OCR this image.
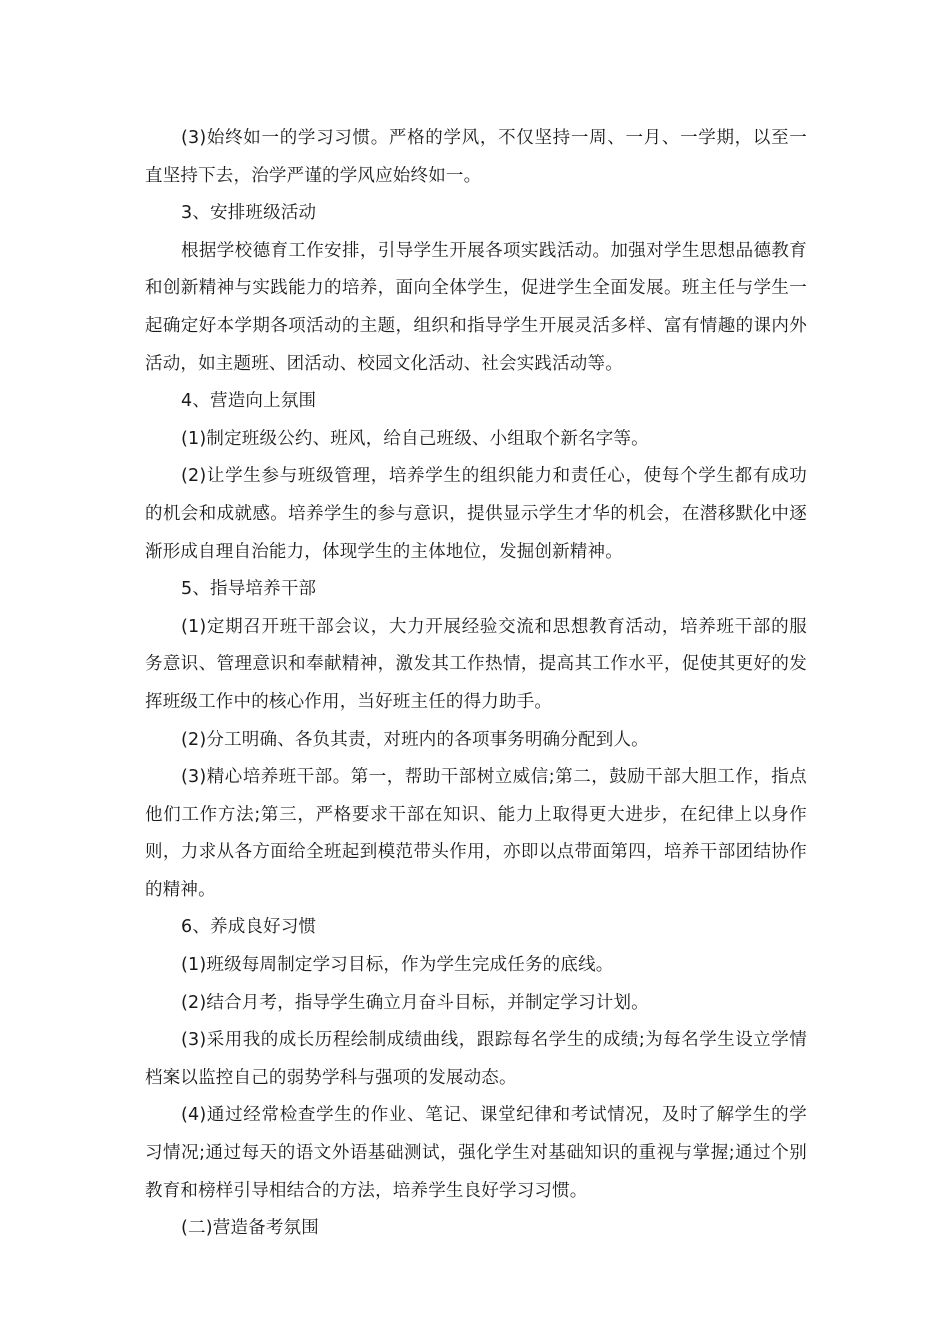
(3)始终如一的学习习惯。严格的学风，不仅坚持一周、一月、一学期，以至一直坚持下去，治学严谨的学风应始终如一。

3、安排班级活动

根据学校德育工作安排，引导学生开展各项实践活动。加强对学生思想品德教育和创新精神与实践能力的培养，面向全体学生，促进学生全面发展。班主任与学生一起确定好本学期各项活动的主题，组织和指导学生开展灵活多样、富有情趣的课内外活动，如主题班、团活动、校园文化活动、社会实践活动等。

4、营造向上氛围

(1)制定班级公约、班风，给自己班级、小组取个新名字等。

(2)让学生参与班级管理，培养学生的组织能力和责任心，使每个学生都有成功的机会和成就感。培养学生的参与意识，提供显示学生才华的机会，在潜移默化中逐渐形成自理自治能力，体现学生的主体地位，发掘创新精神。

5、指导培养干部

(1)定期召开班干部会议，大力开展经验交流和思想教育活动，培养班干部的服务意识、管理意识和奉献精神，激发其工作热情，提高其工作水平，促使其更好的发挥班级工作中的核心作用，当好班主任的得力助手。

(2)分工明确、各负其责，对班内的各项事务明确分配到人。

(3)精心培养班干部。第一，帮助干部树立威信;第二，鼓励干部大胆工作，指点他们工作方法;第三，严格要求干部在知识、能力上取得更大进步，在纪律上以身作则，力求从各方面给全班起到模范带头作用，亦即以点带面第四，培养干部团结协作的精神。

6、养成良好习惯

(1)班级每周制定学习目标，作为学生完成任务的底线。

(2)结合月考，指导学生确立月奋斗目标，并制定学习计划。

(3)采用我的成长历程绘制成绩曲线，跟踪每名学生的成绩;为每名学生设立学情档案以监控自己的弱势学科与强项的发展动态。

(4)通过经常检查学生的作业、笔记、课堂纪律和考试情况，及时了解学生的学习情况;通过每天的语文外语基础测试，强化学生对基础知识的重视与掌握;通过个别教育和榜样引导相结合的方法，培养学生良好学习习惯。

(二)营造备考氛围
